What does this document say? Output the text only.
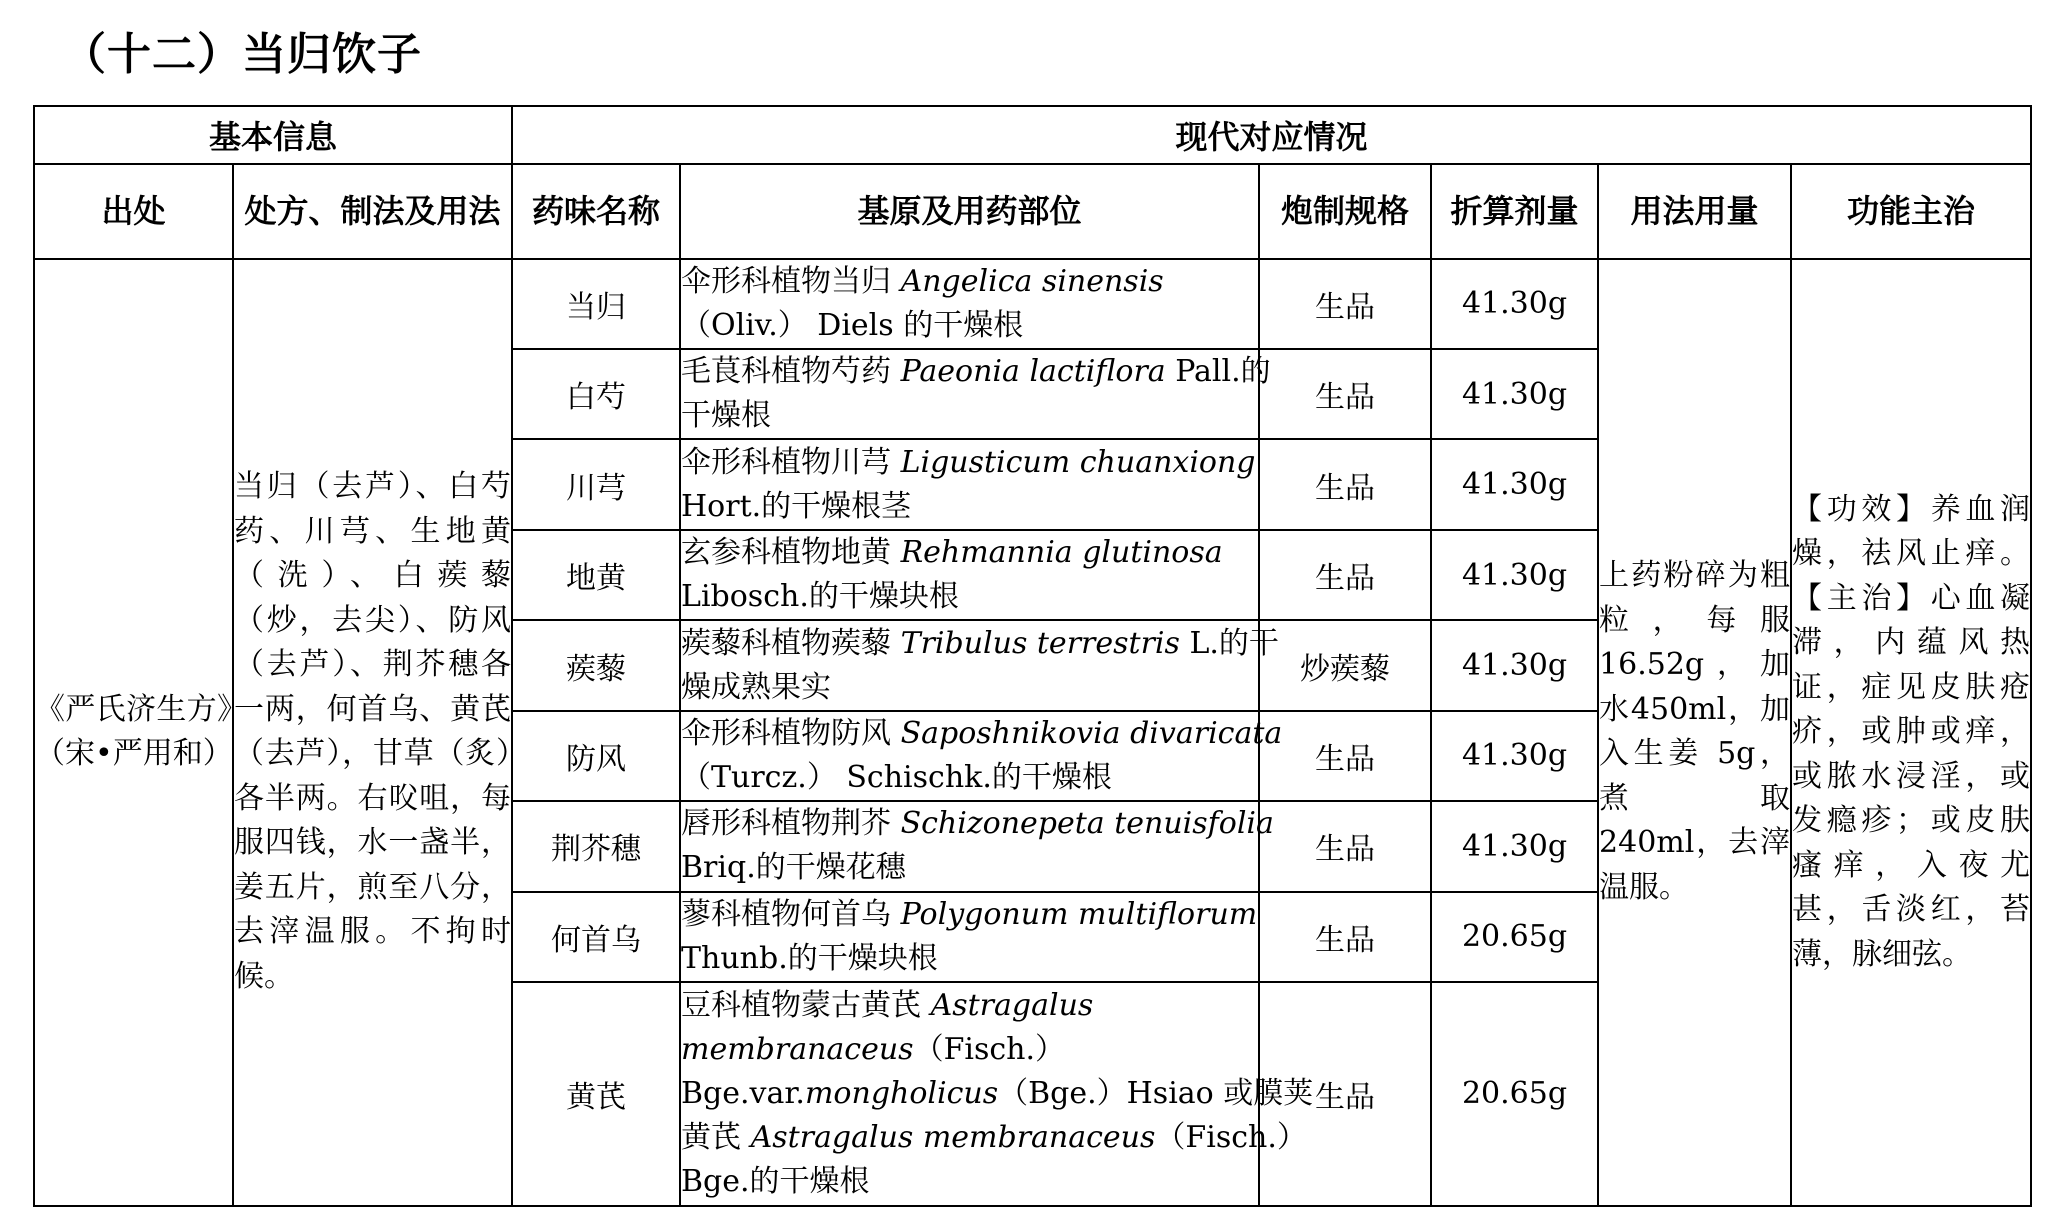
（十二）当归饮子
基本信息		现代对应情况					
出处	处方、制法及用法	药味名称	基原及用药部位	炮制规格	折算剂量	用法用量	功能主治
《严氏济生方》（宋•严用和）	当归（去芦）、白芍药、川芎、生地黄（洗）、白蒺藜（炒，去尖）、防风（去芦）、荆芥穗各一两，何首乌、黄芪（去芦），甘草（炙）各半两。右㕮咀，每服四钱，水一盏半，姜五片，煎至八分，去滓温服。不拘时候。	当归	伞形科植物当归 Angelica sinensis
（Oliv.） Diels 的干燥根	生品	41.30g	上药粉碎为粗粒，每服16.52g，加水450ml，加入生姜 5g，煮取 240ml，去滓温服。	【功效】养血润燥，祛风止痒。【主治】心血凝滞，内蕴风热证，症见皮肤疮疥，或肿或痒，或脓水浸淫，或发瘾疹；或皮肤瘙痒，入夜尤甚，舌淡红，苔薄，脉细弦。
		白芍	毛茛科植物芍药 Paeonia lactiflora Pall.的
干燥根	生品	41.30g		
		川芎	伞形科植物川芎 Ligusticum chuanxiong
Hort.的干燥根茎	生品	41.30g		
		地黄	玄参科植物地黄 Rehmannia glutinosa
Libosch.的干燥块根	生品	41.30g		
		蒺藜	蒺藜科植物蒺藜 Tribulus terrestris L.的干
燥成熟果实	炒蒺藜	41.30g		
		防风	伞形科植物防风 Saposhnikovia divaricata
（Turcz.） Schischk.的干燥根	生品	41.30g		
		荆芥穗	唇形科植物荆芥 Schizonepeta tenuisfolia
Briq.的干燥花穗	生品	41.30g		
		何首乌	蓼科植物何首乌 Polygonum multiflorum
Thunb.的干燥块根	生品	20.65g		
		黄芪	豆科植物蒙古黄芪 Astragalus
membranaceus（Fisch.）
Bge.var.mongholicus（Bge.）Hsiao 或膜荚
黄芪 Astragalus membranaceus（Fisch.）
Bge.的干燥根	生品	20.65g		
